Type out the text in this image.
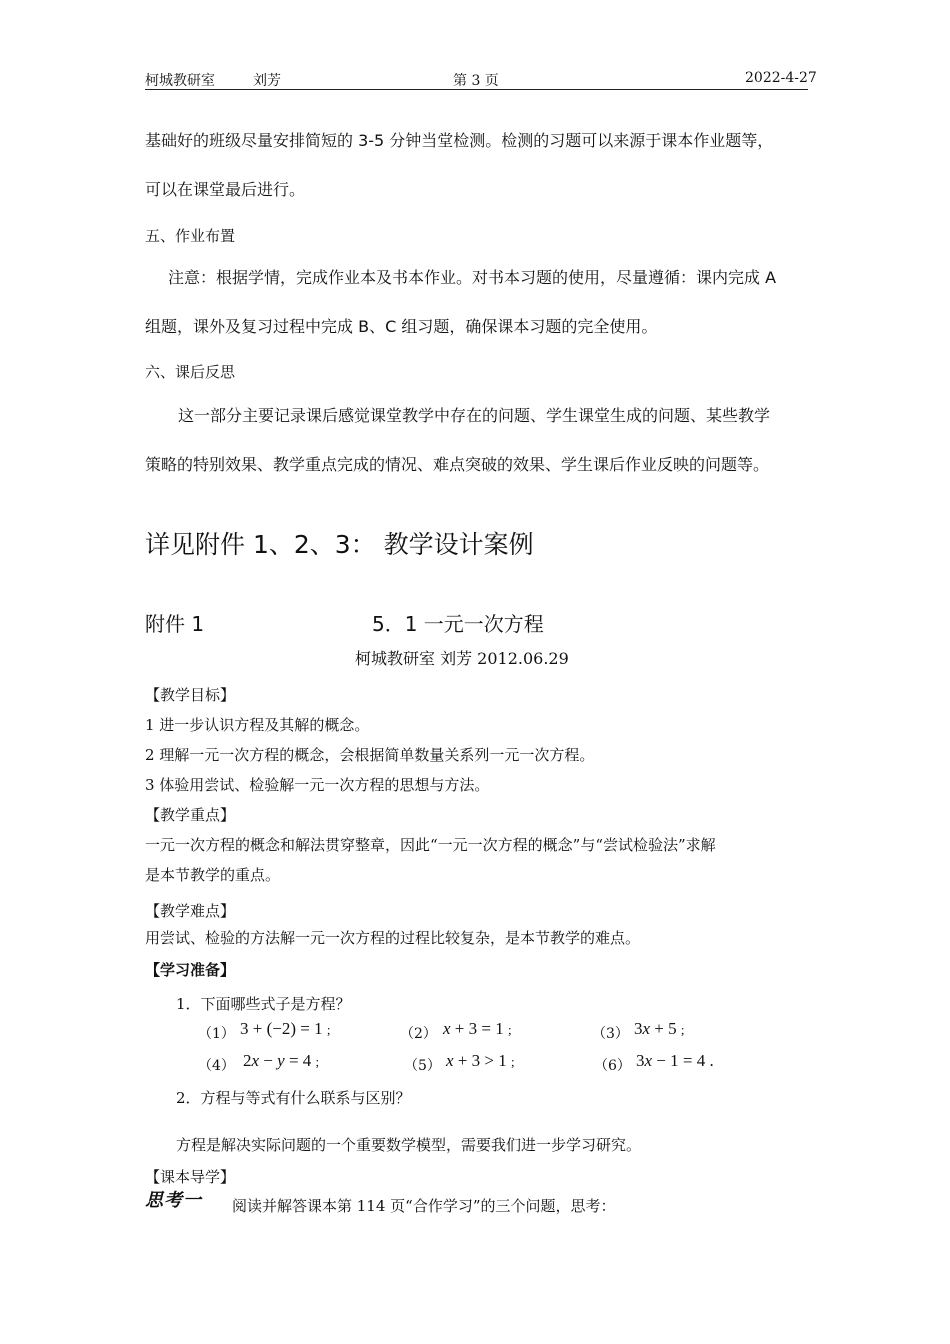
柯城教研室	刘芳	第 3 页	2022-4-27
基础好的班级尽量安排简短的 3-5 分钟当堂检测。检测的习题可以来源于课本作业题等，
可以在课堂最后进行。
五、作业布置
注意：根据学情，完成作业本及书本作业。对书本习题的使用，尽量遵循：课内完成 A
组题，课外及复习过程中完成 B、C 组习题，确保课本习题的完全使用。
六、课后反思
这一部分主要记录课后感觉课堂教学中存在的问题、学生课堂生成的问题、某些教学
策略的特别效果、教学重点完成的情况、难点突破的效果、学生课后作业反映的问题等。
详见附件 1、2、3： 教学设计案例
附件 1	5．1 一元一次方程
柯城教研室 刘芳 2012.06.29
【教学目标】
1 进一步认识方程及其解的概念。
2 理解一元一次方程的概念，会根据简单数量关系列一元一次方程。
3 体验用尝试、检验解一元一次方程的思想与方法。
【教学重点】
一元一次方程的概念和解法贯穿整章，因此“一元一次方程的概念”与“尝试检验法”求解
是本节教学的重点。
【教学难点】
用尝试、检验的方法解一元一次方程的过程比较复杂，是本节教学的难点。
【学习准备】
1．下面哪些式子是方程？
（1） 3 + (−2) = 1 ;	（2） x + 3 = 1 ;	（3） 3x + 5 ;
（4） 2x − y = 4 ;	（5） x + 3 > 1 ;	（6） 3x − 1 = 4 .
2．方程与等式有什么联系与区别？
方程是解决实际问题的一个重要数学模型，需要我们进一步学习研究。
【课本导学】
思考一 阅读并解答课本第 114 页“合作学习”的三个问题，思考：
